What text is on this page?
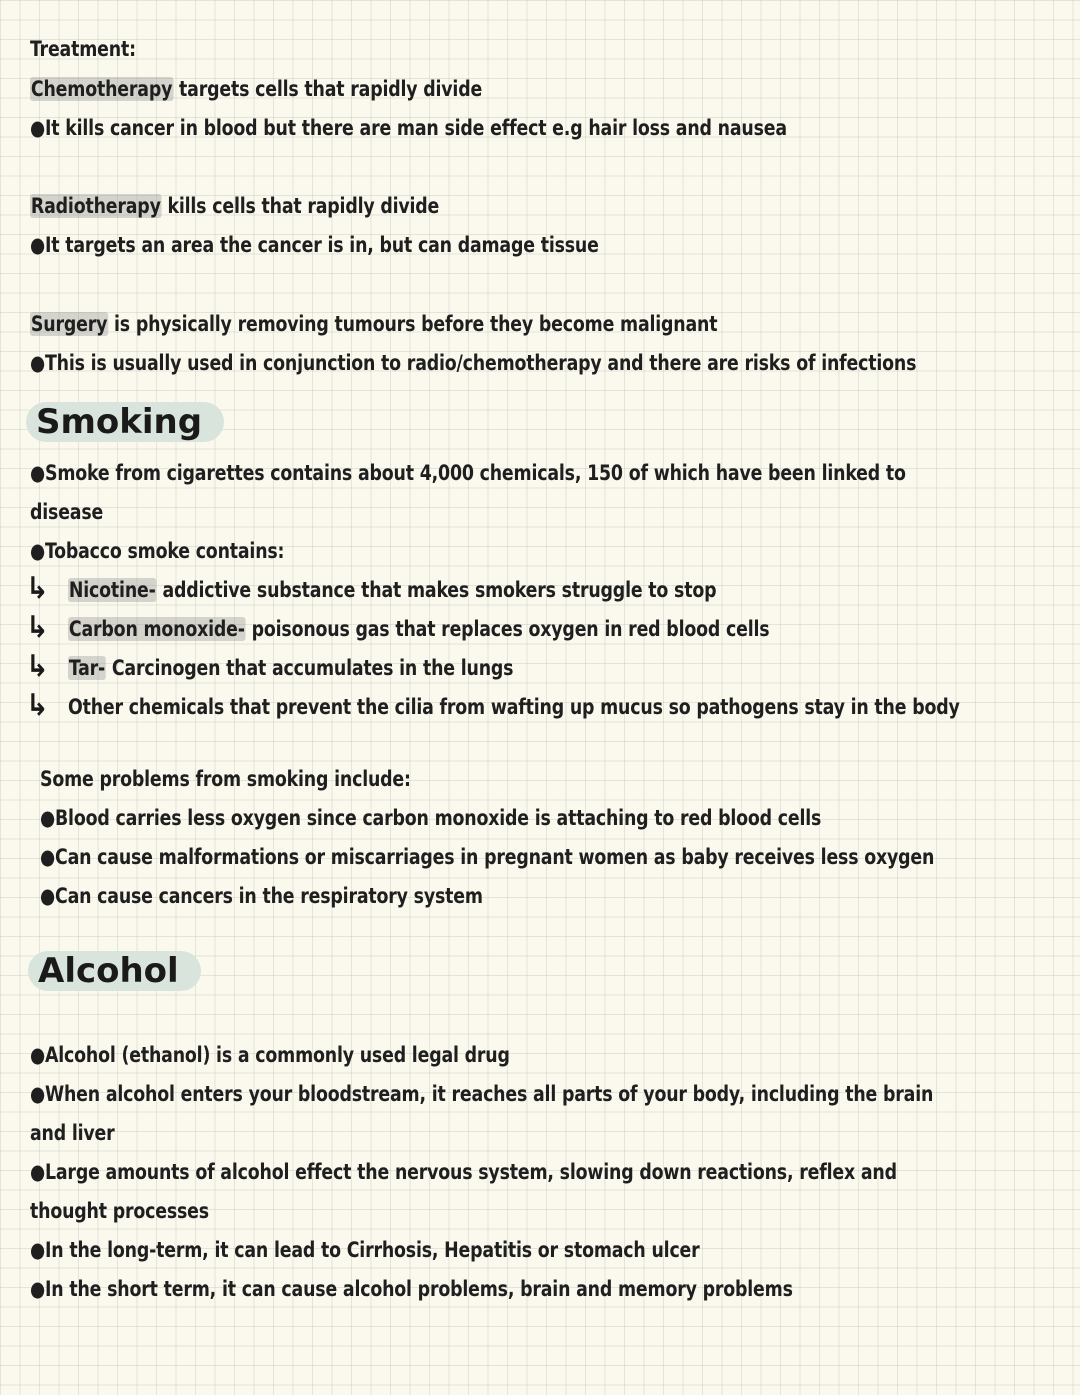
Treatment:
Chemotherapy targets cells that rapidly divide
●It kills cancer in blood but there are man side effect e.g hair loss and nausea
Radiotherapy kills cells that rapidly divide
●It targets an area the cancer is in, but can damage tissue
Surgery is physically removing tumours before they become malignant
●This is usually used in conjunction to radio/chemotherapy and there are risks of infections
Smoking
●Smoke from cigarettes contains about 4,000 chemicals, 150 of which have been linked to
disease
●Tobacco smoke contains:
↳ Nicotine- addictive substance that makes smokers struggle to stop
↳ Carbon monoxide- poisonous gas that replaces oxygen in red blood cells
↳ Tar- Carcinogen that accumulates in the lungs
↳ Other chemicals that prevent the cilia from wafting up mucus so pathogens stay in the body
Some problems from smoking include:
●Blood carries less oxygen since carbon monoxide is attaching to red blood cells
●Can cause malformations or miscarriages in pregnant women as baby receives less oxygen
●Can cause cancers in the respiratory system
Alcohol
●Alcohol (ethanol) is a commonly used legal drug
●When alcohol enters your bloodstream, it reaches all parts of your body, including the brain
and liver
●Large amounts of alcohol effect the nervous system, slowing down reactions, reflex and
thought processes
●In the long-term, it can lead to Cirrhosis, Hepatitis or stomach ulcer
●In the short term, it can cause alcohol problems, brain and memory problems
